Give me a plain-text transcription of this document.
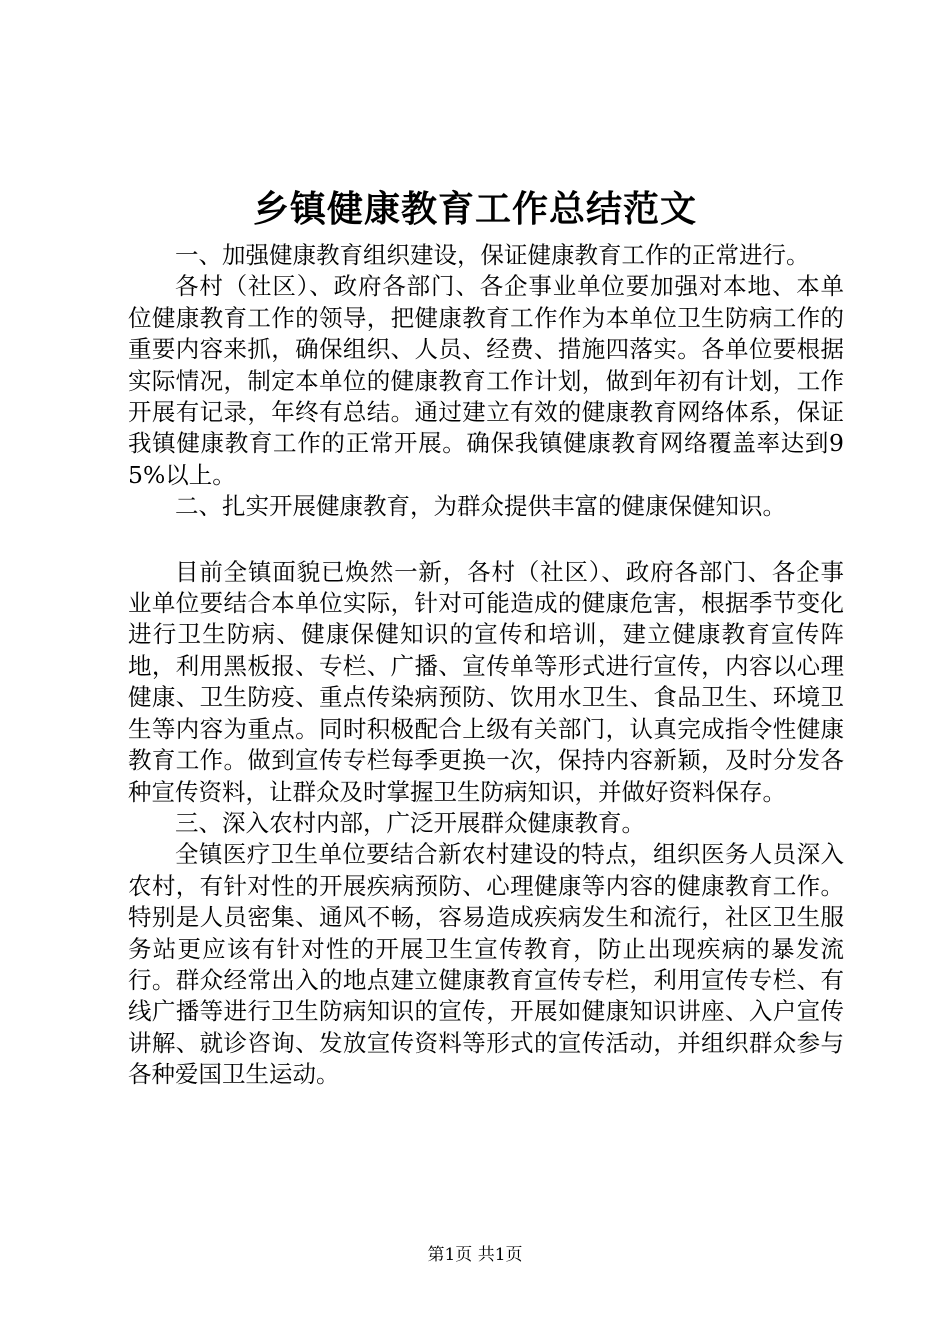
乡镇健康教育工作总结范文

一、加强健康教育组织建设，保证健康教育工作的正常进行。

各村（社区）、政府各部门、各企事业单位要加强对本地、本单位健康教育工作的领导，把健康教育工作作为本单位卫生防病工作的重要内容来抓，确保组织、人员、经费、措施四落实。各单位要根据实际情况，制定本单位的健康教育工作计划，做到年初有计划，工作开展有记录，年终有总结。通过建立有效的健康教育网络体系，保证我镇健康教育工作的正常开展。确保我镇健康教育网络覆盖率达到95%以上。

二、扎实开展健康教育，为群众提供丰富的健康保健知识。

目前全镇面貌已焕然一新，各村（社区）、政府各部门、各企事业单位要结合本单位实际，针对可能造成的健康危害，根据季节变化进行卫生防病、健康保健知识的宣传和培训，建立健康教育宣传阵地，利用黑板报、专栏、广播、宣传单等形式进行宣传，内容以心理健康、卫生防疫、重点传染病预防、饮用水卫生、食品卫生、环境卫生等内容为重点。同时积极配合上级有关部门，认真完成指令性健康教育工作。做到宣传专栏每季更换一次，保持内容新颖，及时分发各种宣传资料，让群众及时掌握卫生防病知识，并做好资料保存。

三、深入农村内部，广泛开展群众健康教育。

全镇医疗卫生单位要结合新农村建设的特点，组织医务人员深入农村，有针对性的开展疾病预防、心理健康等内容的健康教育工作。特别是人员密集、通风不畅，容易造成疾病发生和流行，社区卫生服务站更应该有针对性的开展卫生宣传教育，防止出现疾病的暴发流行。群众经常出入的地点建立健康教育宣传专栏，利用宣传专栏、有线广播等进行卫生防病知识的宣传，开展如健康知识讲座、入户宣传讲解、就诊咨询、发放宣传资料等形式的宣传活动，并组织群众参与各种爱国卫生运动。

第1页 共1页
